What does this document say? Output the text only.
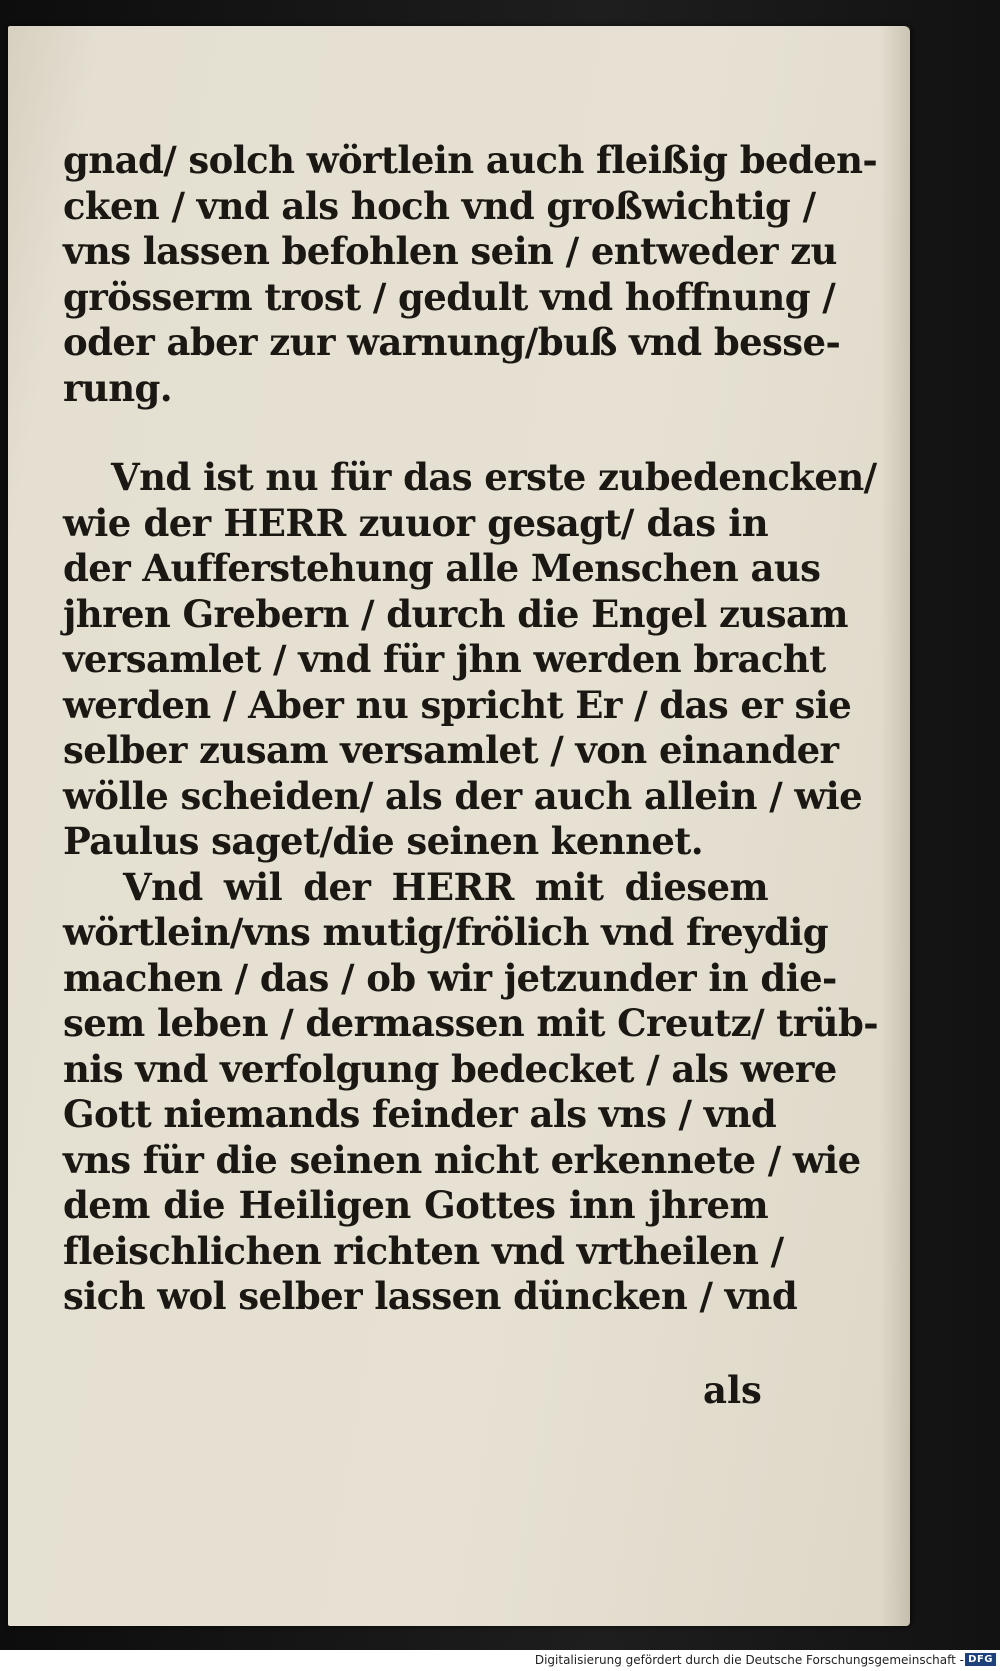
gnad/ solch wörtlein auch fleißig beden-
cken / vnd als hoch vnd großwichtig /
vns lassen befohlen sein / entweder zu
grösserm trost / gedult vnd hoffnung /
oder aber zur warnung/buß vnd besse-
rung.
Vnd ist nu für das erste zubedencken/
wie der HERR zuuor gesagt/ das in
der Aufferstehung alle Menschen aus
jhren Grebern / durch die Engel zusam
versamlet / vnd für jhn werden bracht
werden / Aber nu spricht Er / das er sie
selber zusam versamlet / von einander
wölle scheiden/ als der auch allein / wie
Paulus saget/die seinen kennet.
Vnd wil der HERR mit diesem
wörtlein/vns mutig/frölich vnd freydig
machen / das / ob wir jetzunder in die-
sem leben / dermassen mit Creutz/ trüb-
nis vnd verfolgung bedecket / als were
Gott niemands feinder als vns / vnd
vns für die seinen nicht erkennete / wie
dem die Heiligen Gottes inn jhrem
fleischlichen richten vnd vrtheilen /
sich wol selber lassen düncken / vnd
als
Digitalisierung gefördert durch die Deutsche Forschungsgemeinschaft - DFG
